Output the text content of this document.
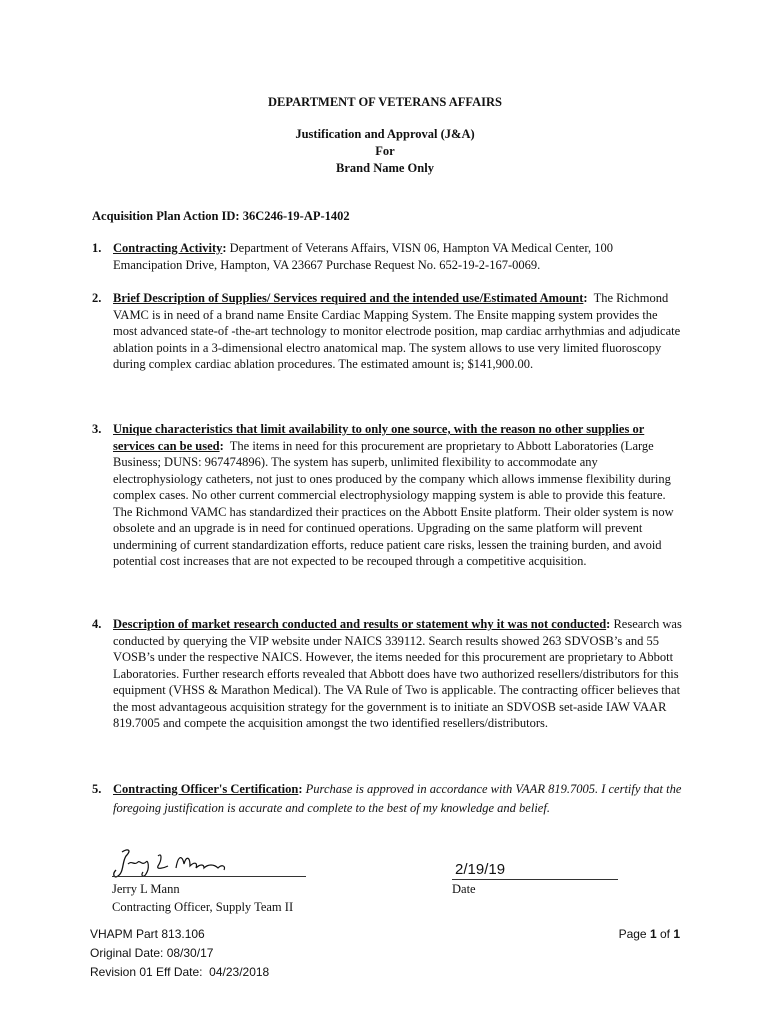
DEPARTMENT OF VETERANS AFFAIRS
Justification and Approval (J&A)
For
Brand Name Only
Acquisition Plan Action ID: 36C246-19-AP-1402
1. Contracting Activity: Department of Veterans Affairs, VISN 06, Hampton VA Medical Center, 100 Emancipation Drive, Hampton, VA 23667 Purchase Request No. 652-19-2-167-0069.
2. Brief Description of Supplies/ Services required and the intended use/Estimated Amount: The Richmond VAMC is in need of a brand name Ensite Cardiac Mapping System. The Ensite mapping system provides the most advanced state-of -the-art technology to monitor electrode position, map cardiac arrhythmias and adjudicate ablation points in a 3-dimensional electro anatomical map. The system allows to use very limited fluoroscopy during complex cardiac ablation procedures. The estimated amount is; $141,900.00.
3. Unique characteristics that limit availability to only one source, with the reason no other supplies or services can be used: The items in need for this procurement are proprietary to Abbott Laboratories (Large Business; DUNS: 967474896). The system has superb, unlimited flexibility to accommodate any electrophysiology catheters, not just to ones produced by the company which allows immense flexibility during complex cases. No other current commercial electrophysiology mapping system is able to provide this feature. The Richmond VAMC has standardized their practices on the Abbott Ensite platform. Their older system is now obsolete and an upgrade is in need for continued operations. Upgrading on the same platform will prevent undermining of current standardization efforts, reduce patient care risks, lessen the training burden, and avoid potential cost increases that are not expected to be recouped through a competitive acquisition.
4. Description of market research conducted and results or statement why it was not conducted: Research was conducted by querying the VIP website under NAICS 339112. Search results showed 263 SDVOSB’s and 55 VOSB’s under the respective NAICS. However, the items needed for this procurement are proprietary to Abbott Laboratories. Further research efforts revealed that Abbott does have two authorized resellers/distributors for this equipment (VHSS & Marathon Medical). The VA Rule of Two is applicable. The contracting officer believes that the most advantageous acquisition strategy for the government is to initiate an SDVOSB set-aside IAW VAAR 819.7005 and compete the acquisition amongst the two identified resellers/distributors.
5. Contracting Officer's Certification: Purchase is approved in accordance with VAAR 819.7005. I certify that the foregoing justification is accurate and complete to the best of my knowledge and belief.
2/19/19
Jerry L Mann	Date
Contracting Officer, Supply Team II
VHAPM Part 813.106
Original Date: 08/30/17
Revision 01 Eff Date:  04/23/2018
Page 1 of 1
